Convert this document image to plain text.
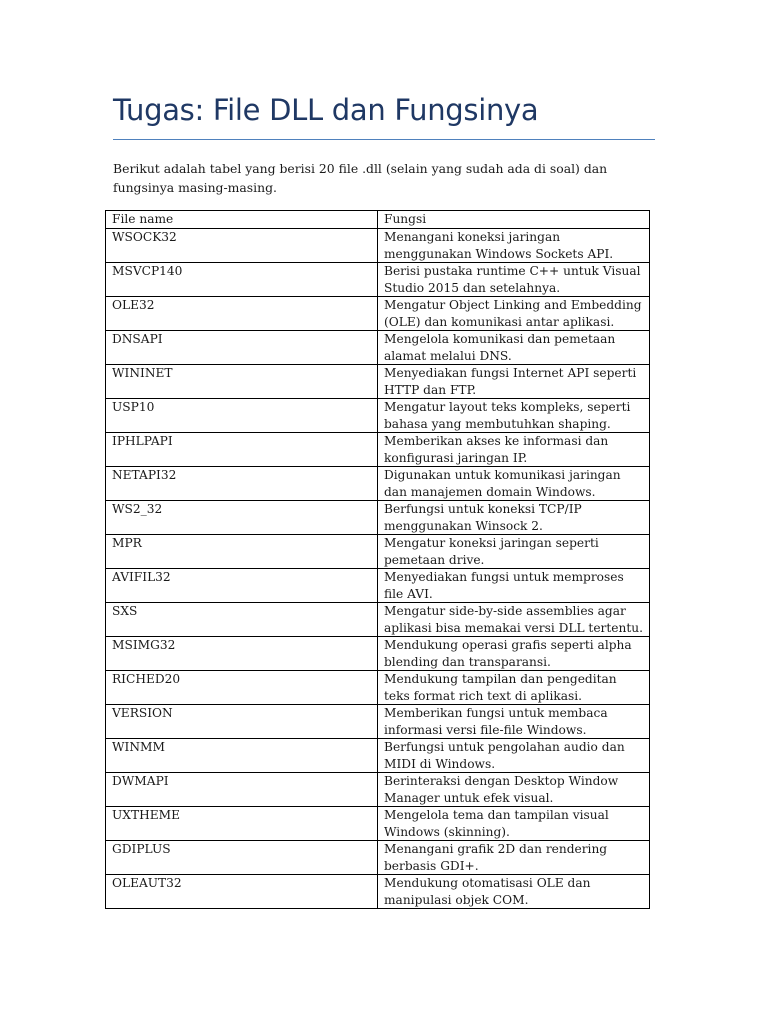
Tugas: File DLL dan Fungsinya

Berikut adalah tabel yang berisi 20 file .dll (selain yang sudah ada di soal) dan fungsinya masing-masing.

File name	Fungsi
WSOCK32	Menangani koneksi jaringan menggunakan Windows Sockets API.
MSVCP140	Berisi pustaka runtime C++ untuk Visual Studio 2015 dan setelahnya.
OLE32	Mengatur Object Linking and Embedding (OLE) dan komunikasi antar aplikasi.
DNSAPI	Mengelola komunikasi dan pemetaan alamat melalui DNS.
WININET	Menyediakan fungsi Internet API seperti HTTP dan FTP.
USP10	Mengatur layout teks kompleks, seperti bahasa yang membutuhkan shaping.
IPHLPAPI	Memberikan akses ke informasi dan konfigurasi jaringan IP.
NETAPI32	Digunakan untuk komunikasi jaringan dan manajemen domain Windows.
WS2_32	Berfungsi untuk koneksi TCP/IP menggunakan Winsock 2.
MPR	Mengatur koneksi jaringan seperti pemetaan drive.
AVIFIL32	Menyediakan fungsi untuk memproses file AVI.
SXS	Mengatur side-by-side assemblies agar aplikasi bisa memakai versi DLL tertentu.
MSIMG32	Mendukung operasi grafis seperti alpha blending dan transparansi.
RICHED20	Mendukung tampilan dan pengeditan teks format rich text di aplikasi.
VERSION	Memberikan fungsi untuk membaca informasi versi file-file Windows.
WINMM	Berfungsi untuk pengolahan audio dan MIDI di Windows.
DWMAPI	Berinteraksi dengan Desktop Window Manager untuk efek visual.
UXTHEME	Mengelola tema dan tampilan visual Windows (skinning).
GDIPLUS	Menangani grafik 2D dan rendering berbasis GDI+.
OLEAUT32	Mendukung otomatisasi OLE dan manipulasi objek COM.
